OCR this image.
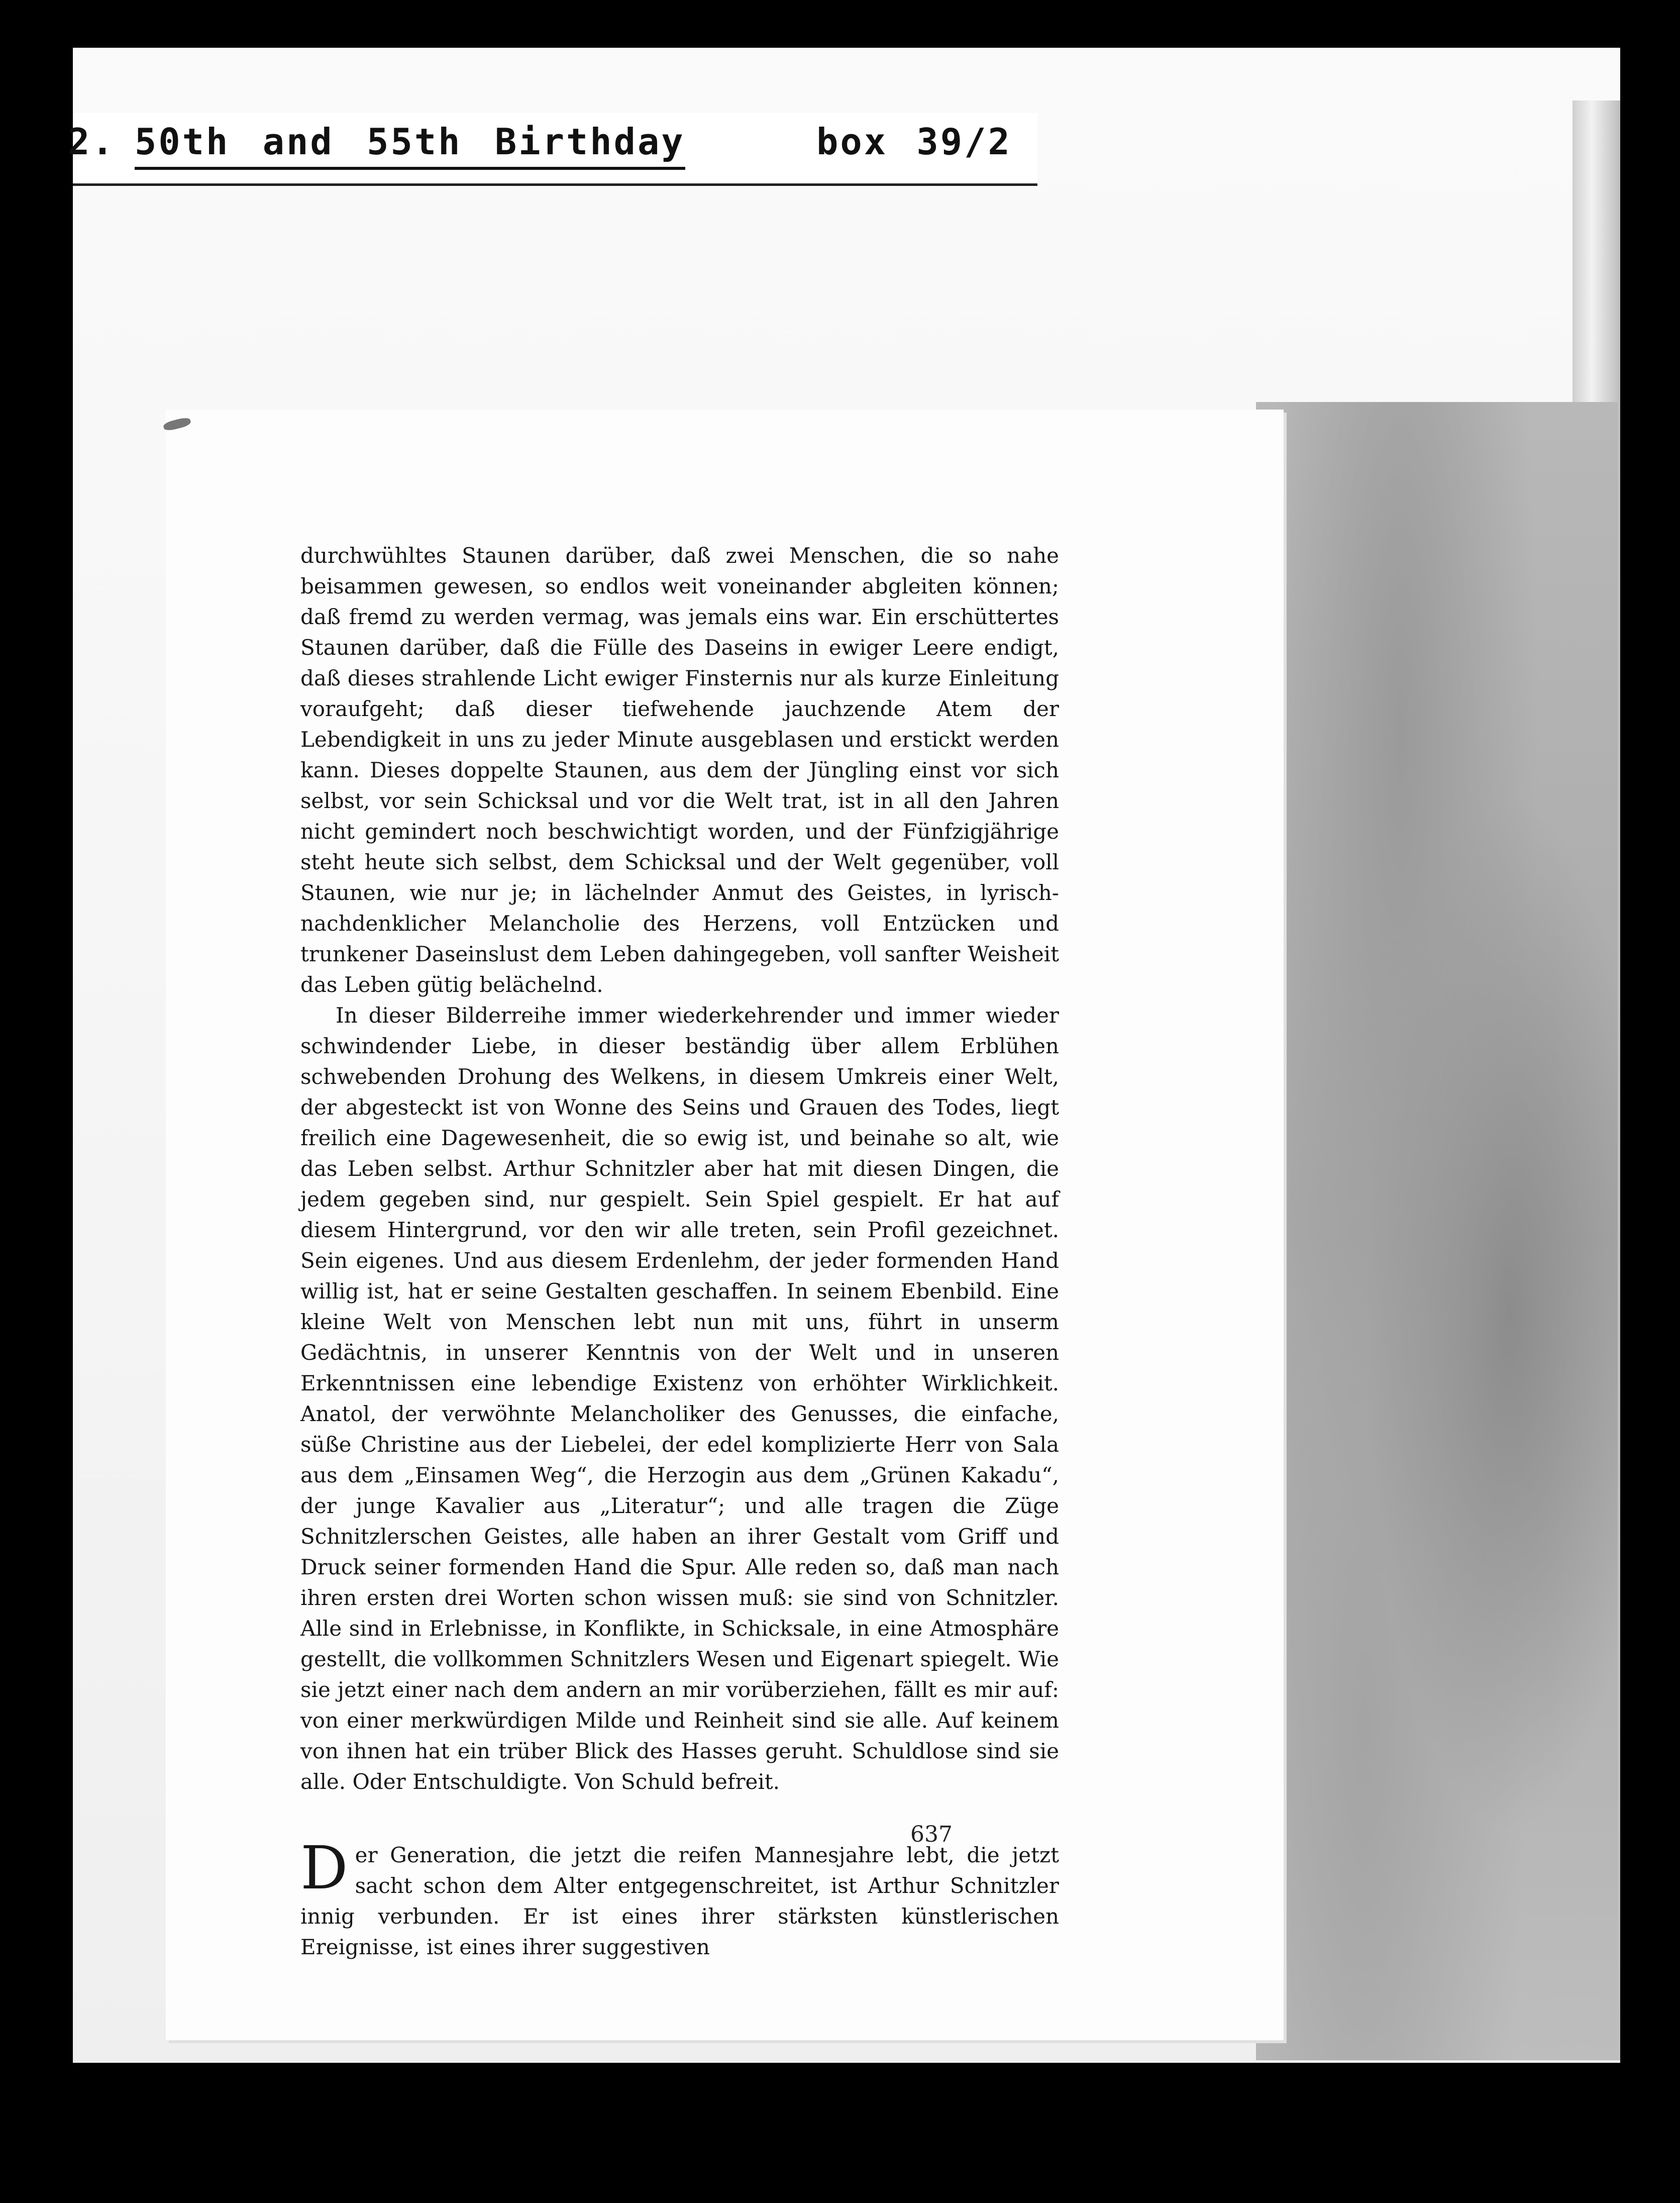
2. 50th and 55th Birthday	box 39/2

durchwühltes Staunen darüber, daß zwei Menschen, die so nahe beisammen gewesen, so endlos weit voneinander abgleiten können; daß fremd zu werden vermag, was jemals eins war. Ein erschüttertes Staunen darüber, daß die Fülle des Daseins in ewiger Leere endigt, daß dieses strahlende Licht ewiger Finsternis nur als kurze Einleitung voraufgeht; daß dieser tiefwehende jauchzende Atem der Lebendigkeit in uns zu jeder Minute ausgeblasen und erstickt werden kann. Dieses doppelte Staunen, aus dem der Jüngling einst vor sich selbst, vor sein Schicksal und vor die Welt trat, ist in all den Jahren nicht gemindert noch beschwichtigt worden, und der Fünfzigjährige steht heute sich selbst, dem Schicksal und der Welt gegenüber, voll Staunen, wie nur je; in lächelnder Anmut des Geistes, in lyrisch-nachdenklicher Melancholie des Herzens, voll Entzücken und trunkener Daseinslust dem Leben dahingegeben, voll sanfter Weisheit das Leben gütig belächelnd.

In dieser Bilderreihe immer wiederkehrender und immer wieder schwindender Liebe, in dieser beständig über allem Erblühen schwebenden Drohung des Welkens, in diesem Umkreis einer Welt, der abgesteckt ist von Wonne des Seins und Grauen des Todes, liegt freilich eine Dagewesenheit, die so ewig ist, und beinahe so alt, wie das Leben selbst. Arthur Schnitzler aber hat mit diesen Dingen, die jedem gegeben sind, nur gespielt. Sein Spiel gespielt. Er hat auf diesem Hintergrund, vor den wir alle treten, sein Profil gezeichnet. Sein eigenes. Und aus diesem Erdenlehm, der jeder formenden Hand willig ist, hat er seine Gestalten geschaffen. In seinem Ebenbild. Eine kleine Welt von Menschen lebt nun mit uns, führt in unserm Gedächtnis, in unserer Kenntnis von der Welt und in unseren Erkenntnissen eine lebendige Existenz von erhöhter Wirklichkeit. Anatol, der verwöhnte Melancholiker des Genusses, die einfache, süße Christine aus der Liebelei, der edel komplizierte Herr von Sala aus dem „Einsamen Weg“, die Herzogin aus dem „Grünen Kakadu“, der junge Kavalier aus „Literatur“; und alle tragen die Züge Schnitzlerschen Geistes, alle haben an ihrer Gestalt vom Griff und Druck seiner formenden Hand die Spur. Alle reden so, daß man nach ihren ersten drei Worten schon wissen muß: sie sind von Schnitzler. Alle sind in Erlebnisse, in Konflikte, in Schicksale, in eine Atmosphäre gestellt, die vollkommen Schnitzlers Wesen und Eigenart spiegelt. Wie sie jetzt einer nach dem andern an mir vorüberziehen, fällt es mir auf: von einer merkwürdigen Milde und Reinheit sind sie alle. Auf keinem von ihnen hat ein trüber Blick des Hasses geruht. Schuldlose sind sie alle. Oder Entschuldigte. Von Schuld befreit.

Der Generation, die jetzt die reifen Mannesjahre lebt, die jetzt sacht schon dem Alter entgegenschreitet, ist Arthur Schnitzler innig verbunden. Er ist eines ihrer stärksten künstlerischen Ereignisse, ist eines ihrer suggestiven

637
